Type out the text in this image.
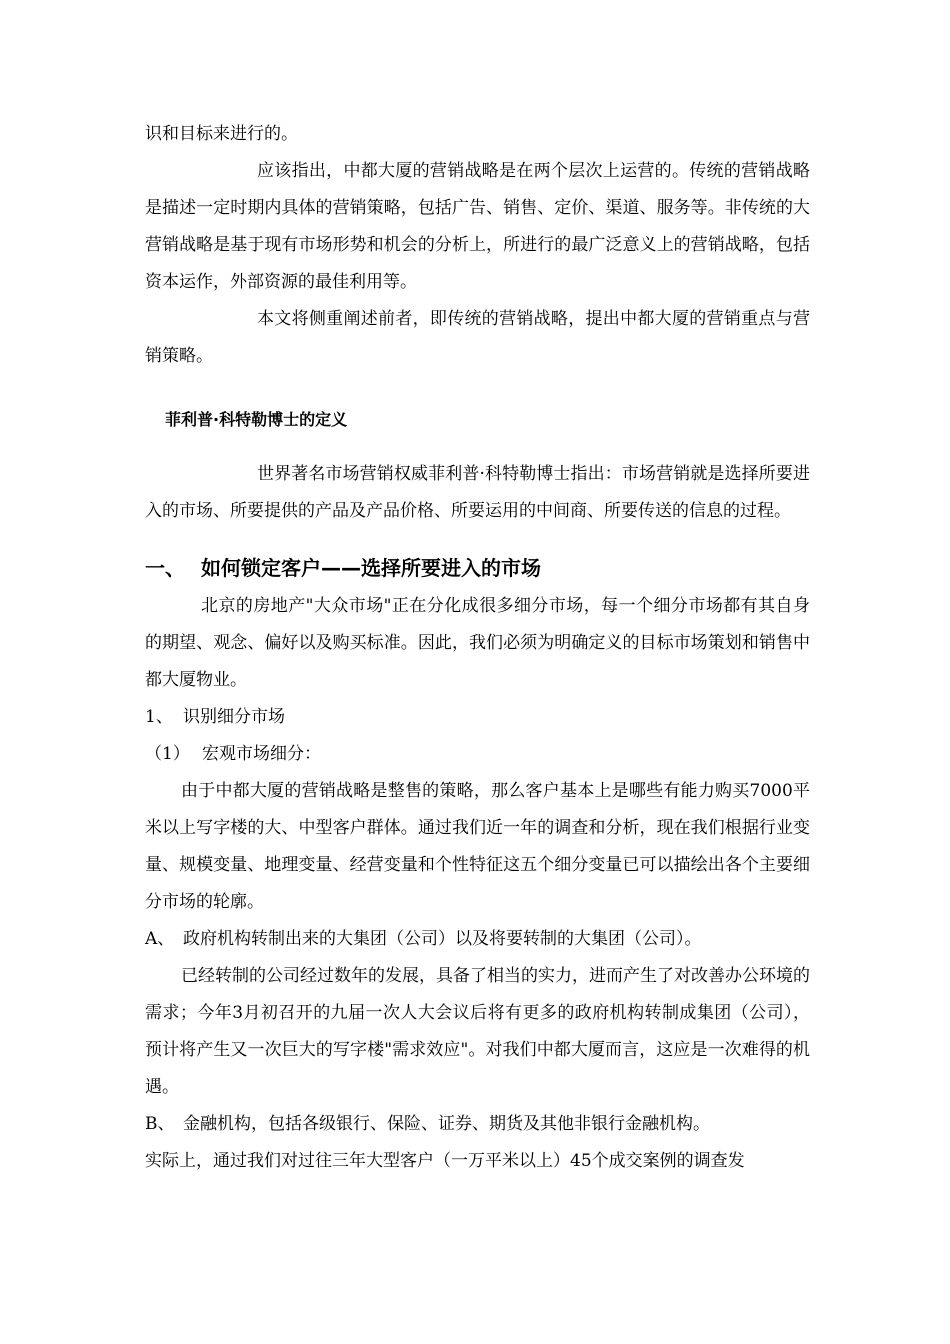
识和目标来进行的。

应该指出，中都大厦的营销战略是在两个层次上运营的。传统的营销战略是描述一定时期内具体的营销策略，包括广告、销售、定价、渠道、服务等。非传统的大营销战略是基于现有市场形势和机会的分析上，所进行的最广泛意义上的营销战略，包括资本运作，外部资源的最佳利用等。

本文将侧重阐述前者，即传统的营销战略，提出中都大厦的营销重点与营销策略。

菲利普·科特勒博士的定义

世界著名市场营销权威菲利普·科特勒博士指出：市场营销就是选择所要进入的市场、所要提供的产品及产品价格、所要运用的中间商、所要传送的信息的过程。

一、 如何锁定客户——选择所要进入的市场

北京的房地产"大众市场"正在分化成很多细分市场，每一个细分市场都有其自身的期望、观念、偏好以及购买标准。因此，我们必须为明确定义的目标市场策划和销售中都大厦物业。

1、 识别细分市场
（1） 宏观市场细分：

由于中都大厦的营销战略是整售的策略，那么客户基本上是哪些有能力购买7000平米以上写字楼的大、中型客户群体。通过我们近一年的调查和分析，现在我们根据行业变量、规模变量、地理变量、经营变量和个性特征这五个细分变量已可以描绘出各个主要细分市场的轮廓。

A、 政府机构转制出来的大集团（公司）以及将要转制的大集团（公司）。

已经转制的公司经过数年的发展，具备了相当的实力，进而产生了对改善办公环境的需求；今年3月初召开的九届一次人大会议后将有更多的政府机构转制成集团（公司），预计将产生又一次巨大的写字楼"需求效应"。对我们中都大厦而言，这应是一次难得的机遇。

B、 金融机构，包括各级银行、保险、证券、期货及其他非银行金融机构。

实际上，通过我们对过往三年大型客户（一万平米以上）45个成交案例的调查发
